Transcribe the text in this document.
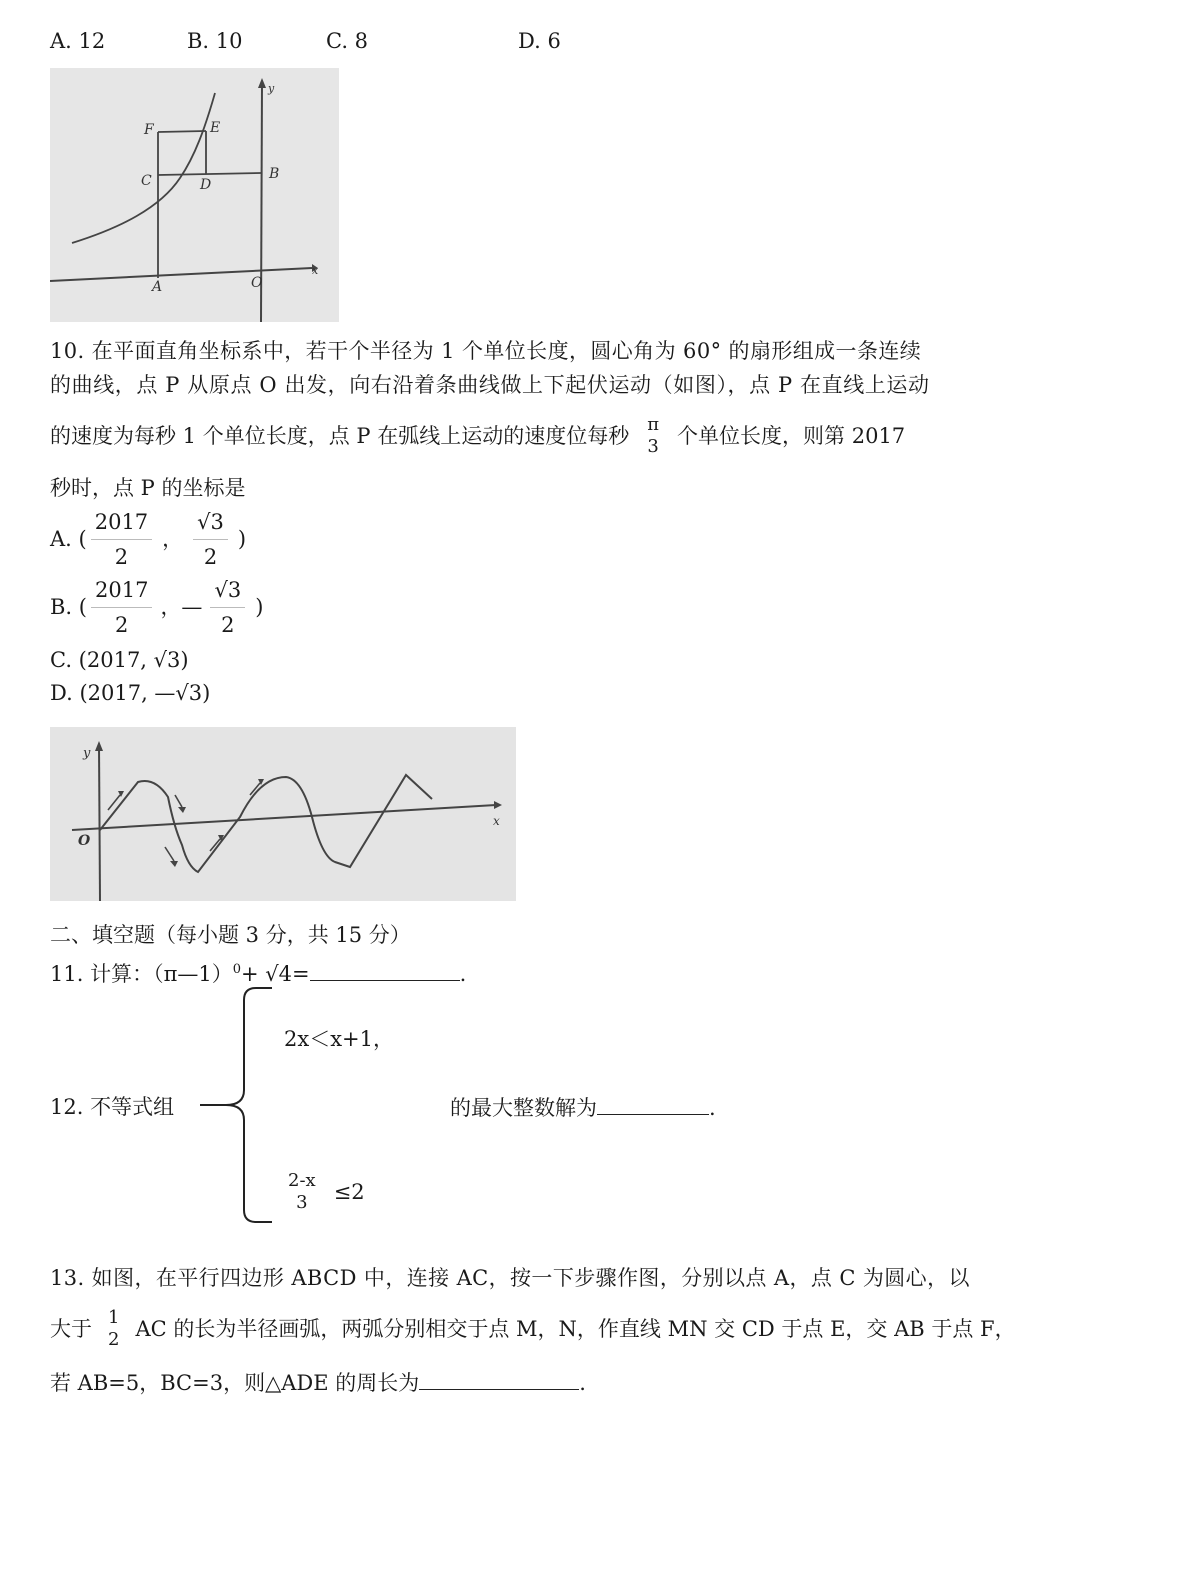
A. 12	B. 10	C. 8	D. 6
F	E
C	D
B
A	O
y
x
10. 在平面直角坐标系中，若干个半径为 1 个单位长度，圆心角为 60° 的扇形组成一条连续
的曲线，点 P 从原点 O 出发，向右沿着条曲线做上下起伏运动（如图），点 P 在直线上运动
的速度为每秒 1 个单位长度，点 P 在弧线上运动的速度位每秒 π
3 个单位长度，则第 2017
秒时，点 P 的坐标是
A. ( $\frac{2017}{2}$ ， $\frac{√3}{2}$ )
B. ( $\frac{2017}{2}$ ，— $\frac{√3}{2}$ )
C. (2017, √3)
D. (2017, —√3)
y
x
O
二、填空题（每小题 3 分，共 15 分）
11. 计算：（π—1）$^0$+ √4=	.
12. 不等式组
2x＜x+1，
2-x
3	≤2
的最大整数解为	.
13. 如图，在平行四边形 ABCD 中，连接 AC，按一下步骤作图，分别以点 A，点 C 为圆心，以
大于 1
2 AC 的长为半径画弧，两弧分别相交于点 M，N，作直线 MN 交 CD 于点 E，交 AB 于点 F，
若 AB=5，BC=3，则△ADE 的周长为	.
